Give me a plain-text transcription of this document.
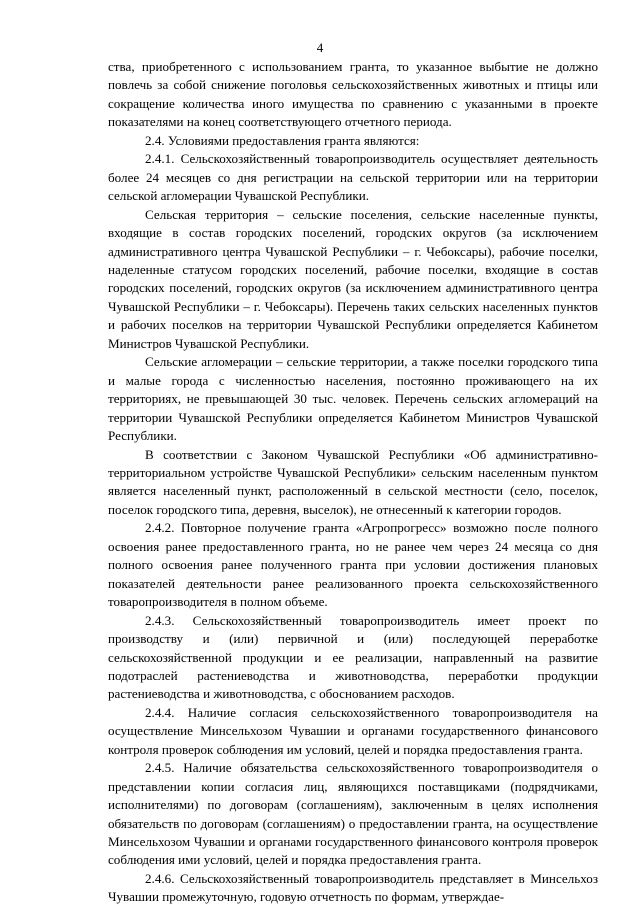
4

ства, приобретенного с использованием гранта, то указанное выбытие не должно повлечь за собой снижение поголовья сельскохозяйственных животных и птицы или сокращение количества иного имущества по сравнению с указанными в проекте показателями на конец соответствующего отчетного периода.

2.4. Условиями предоставления гранта являются:

2.4.1. Сельскохозяйственный товаропроизводитель осуществляет деятельность более 24 месяцев со дня регистрации на сельской территории или на территории сельской агломерации Чувашской Республики.

Сельская территория – сельские поселения, сельские населенные пункты, входящие в состав городских поселений, городских округов (за исключением административного центра Чувашской Республики – г. Чебоксары), рабочие поселки, наделенные статусом городских поселений, рабочие поселки, входящие в состав городских поселений, городских округов (за исключением административного центра Чувашской Республики – г. Чебоксары). Перечень таких сельских населенных пунктов и рабочих поселков на территории Чувашской Республики определяется Кабинетом Министров Чувашской Республики.

Сельские агломерации – сельские территории, а также поселки городского типа и малые города с численностью населения, постоянно проживающего на их территориях, не превышающей 30 тыс. человек. Перечень сельских агломераций на территории Чувашской Республики определяется Кабинетом Министров Чувашской Республики.

В соответствии с Законом Чувашской Республики «Об административно-территориальном устройстве Чувашской Республики» сельским населенным пунктом является населенный пункт, расположенный в сельской местности (село, поселок, поселок городского типа, деревня, выселок), не отнесенный к категории городов.

2.4.2. Повторное получение гранта «Агропрогресс» возможно после полного освоения ранее предоставленного гранта, но не ранее чем через 24 месяца со дня полного освоения ранее полученного гранта при условии достижения плановых показателей деятельности ранее реализованного проекта сельскохозяйственного товаропроизводителя в полном объеме.

2.4.3. Сельскохозяйственный товаропроизводитель имеет проект по производству и (или) первичной и (или) последующей переработке сельскохозяйственной продукции и ее реализации, направленный на развитие подотраслей растениеводства и животноводства, переработки продукции растениеводства и животноводства, с обоснованием расходов.

2.4.4. Наличие согласия сельскохозяйственного товаропроизводителя на осуществление Минсельхозом Чувашии и органами государственного финансового контроля проверок соблюдения им условий, целей и порядка предоставления гранта.

2.4.5. Наличие обязательства сельскохозяйственного товаропроизводителя о представлении копии согласия лиц, являющихся поставщиками (подрядчиками, исполнителями) по договорам (соглашениям), заключенным в целях исполнения обязательств по договорам (соглашениям) о предоставлении гранта, на осуществление Минсельхозом Чувашии и органами государственного финансового контроля проверок соблюдения ими условий, целей и порядка предоставления гранта.

2.4.6. Сельскохозяйственный товаропроизводитель представляет в Минсельхоз Чувашии промежуточную, годовую отчетность по формам, утверждае-
